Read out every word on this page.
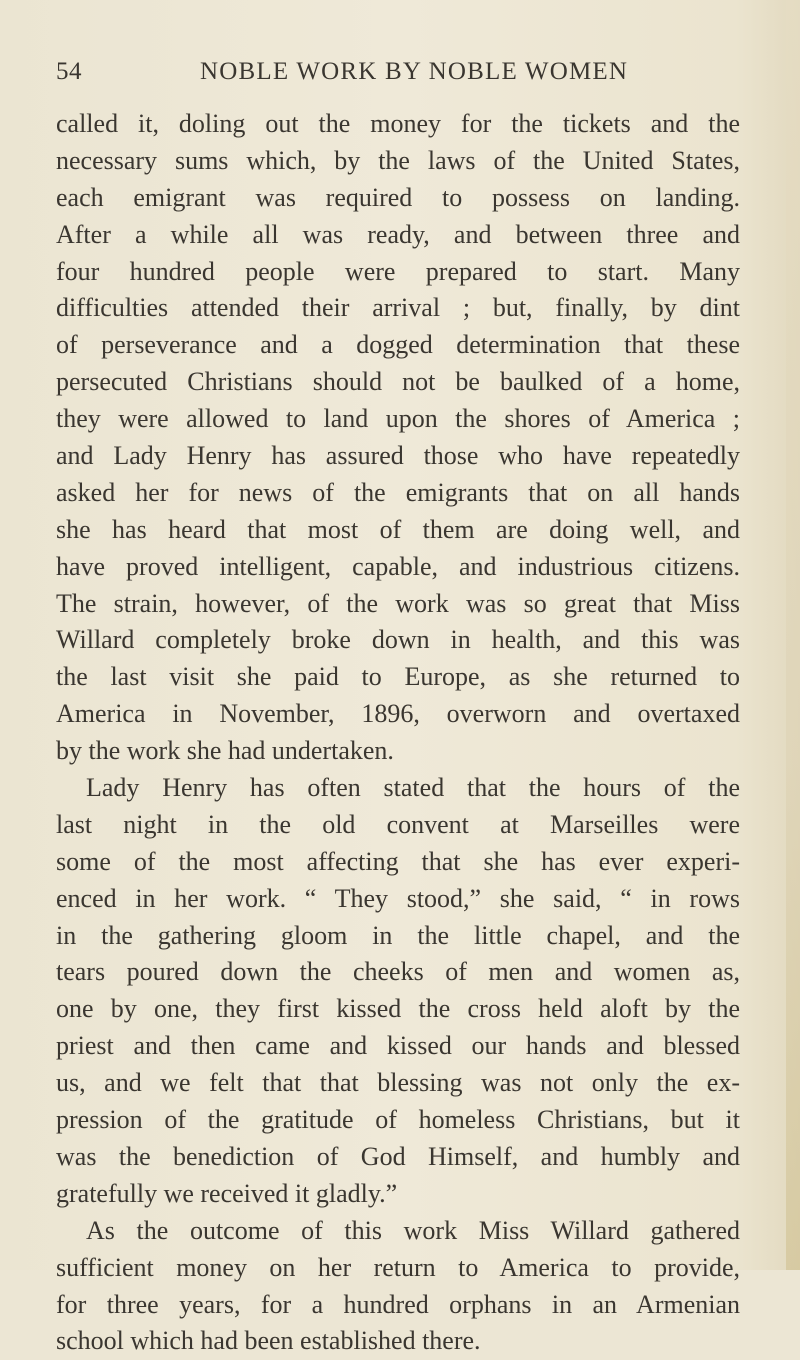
54	NOBLE WORK BY NOBLE WOMEN
called it, doling out the money for the tickets and the
necessary sums which, by the laws of the United States,
each emigrant was required to possess on landing.
After a while all was ready, and between three and
four hundred people were prepared to start. Many
difficulties attended their arrival ; but, finally, by dint
of perseverance and a dogged determination that these
persecuted Christians should not be baulked of a home,
they were allowed to land upon the shores of America ;
and Lady Henry has assured those who have repeatedly
asked her for news of the emigrants that on all hands
she has heard that most of them are doing well, and
have proved intelligent, capable, and industrious citizens.
The strain, however, of the work was so great that Miss
Willard completely broke down in health, and this was
the last visit she paid to Europe, as she returned to
America in November, 1896, overworn and overtaxed
by the work she had undertaken.
Lady Henry has often stated that the hours of the
last night in the old convent at Marseilles were
some of the most affecting that she has ever experi-
enced in her work. “ They stood,” she said, “ in rows
in the gathering gloom in the little chapel, and the
tears poured down the cheeks of men and women as,
one by one, they first kissed the cross held aloft by the
priest and then came and kissed our hands and blessed
us, and we felt that that blessing was not only the ex-
pression of the gratitude of homeless Christians, but it
was the benediction of God Himself, and humbly and
gratefully we received it gladly.”
As the outcome of this work Miss Willard gathered
sufficient money on her return to America to provide,
for three years, for a hundred orphans in an Armenian
school which had been established there.
